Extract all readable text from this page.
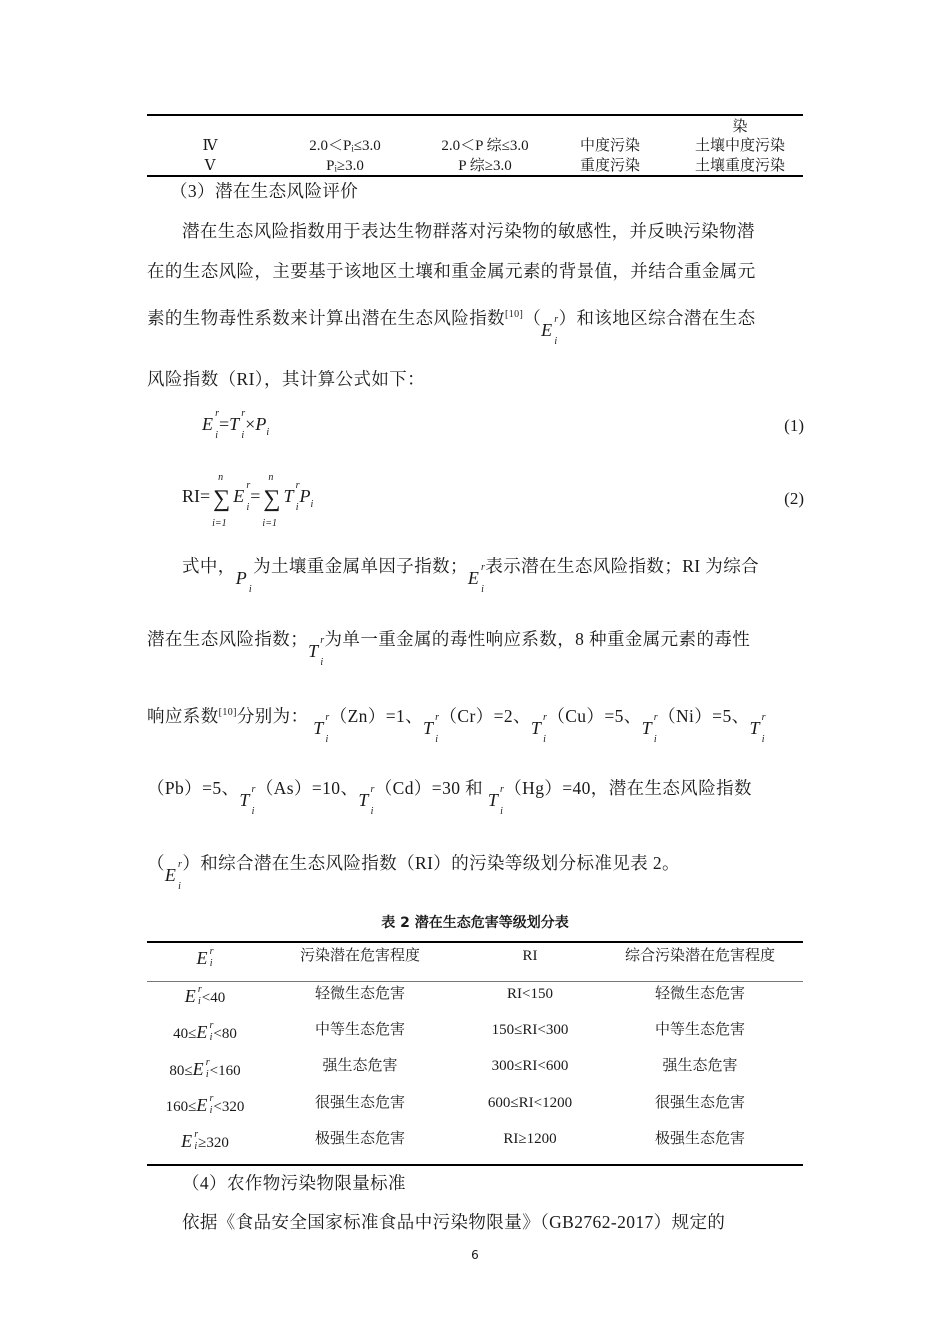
染
Ⅳ	2.0＜Pᵢ≤3.0	2.0＜P 综≤3.0	中度污染	土壤中度污染
Ⅴ	Pᵢ≥3.0	P 综≥3.0	重度污染	土壤重度污染
（3）潜在生态风险评价
潜在生态风险指数用于表达生物群落对污染物的敏感性，并反映污染物潜
在的生态风险，主要基于该地区土壤和重金属元素的背景值，并结合重金属元
素的生物毒性系数来计算出潜在生态风险指数[10]（E
r
i
）和该地区综合潜在生态
风险指数（RI），其计算公式如下：
E
r
i
=T
r
i
$\times P_i$	(1)
RI= ∑
n
i=1
E
r
i
= ∑
n
i=1
T
r
i
$P_i$	(2)
式中，P
i
为土壤重金属单因子指数；E
r
i
表示潜在生态风险指数；RI 为综合
潜在生态风险指数；T
r
i
为单一重金属的毒性响应系数，8 种重金属元素的毒性
响应系数[10]分别为： T
r
i
（Zn）=1、T
r
i
（Cr）=2、T
r
i
（Cu）=5、T
r
i
（Ni）=5、T
r
i
（Pb）=5、T
r
i
（As）=10、T
r
i
（Cd）=30 和 T
r
i
（Hg）=40，潜在生态风险指数
（E
r
i
）和综合潜在生态风险指数（RI）的污染等级划分标准见表 2。
表 2 潜在生态危害等级划分表
E r
i	污染潜在危害程度	RI	综合污染潜在危害程度
E r
i <40	轻微生态危害	RI<150	轻微生态危害
40≤E r
i <80	中等生态危害	150≤RI<300	中等生态危害
80≤E r
i <160	强生态危害	300≤RI<600	强生态危害
160≤E r
i <320	很强生态危害	600≤RI<1200	很强生态危害
E r
i ≥320	极强生态危害	RI≥1200	极强生态危害
（4）农作物污染物限量标准
依据《食品安全国家标准食品中污染物限量》（GB2762-2017）规定的
6
